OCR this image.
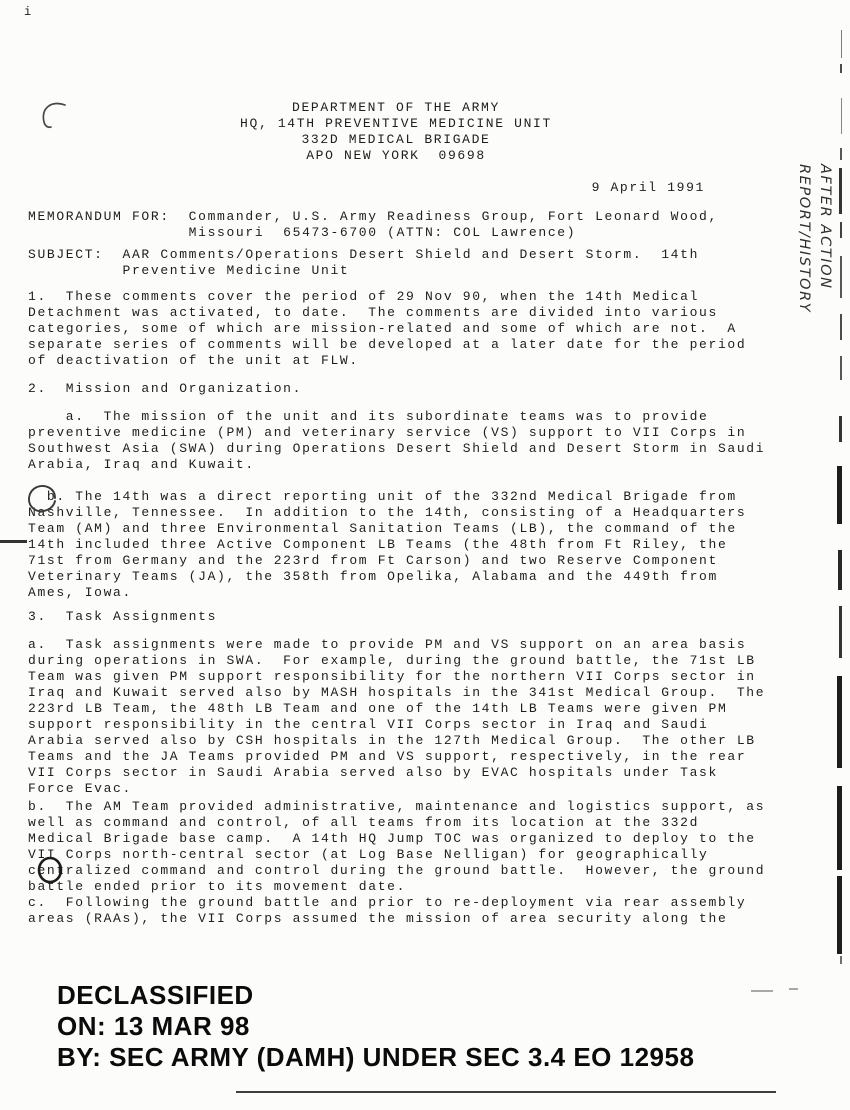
i
DEPARTMENT OF THE ARMY
HQ, 14TH PREVENTIVE MEDICINE UNIT
332D MEDICAL BRIGADE
APO NEW YORK  09698
9 April 1991
MEMORANDUM FOR:  Commander, U.S. Army Readiness Group, Fort Leonard Wood,
Missouri  65473-6700 (ATTN: COL Lawrence)
SUBJECT:  AAR Comments/Operations Desert Shield and Desert Storm.  14th
Preventive Medicine Unit
1.  These comments cover the period of 29 Nov 90, when the 14th Medical
Detachment was activated, to date.  The comments are divided into various
categories, some of which are mission-related and some of which are not.  A
separate series of comments will be developed at a later date for the period
of deactivation of the unit at FLW.
2.  Mission and Organization.
a.  The mission of the unit and its subordinate teams was to provide
preventive medicine (PM) and veterinary service (VS) support to VII Corps in
Southwest Asia (SWA) during Operations Desert Shield and Desert Storm in Saudi
Arabia, Iraq and Kuwait.
b. The 14th was a direct reporting unit of the 332nd Medical Brigade from
Nashville, Tennessee.  In addition to the 14th, consisting of a Headquarters
Team (AM) and three Environmental Sanitation Teams (LB), the command of the
14th included three Active Component LB Teams (the 48th from Ft Riley, the
71st from Germany and the 223rd from Ft Carson) and two Reserve Component
Veterinary Teams (JA), the 358th from Opelika, Alabama and the 449th from
Ames, Iowa.
3.  Task Assignments
a.  Task assignments were made to provide PM and VS support on an area basis
during operations in SWA.  For example, during the ground battle, the 71st LB
Team was given PM support responsibility for the northern VII Corps sector in
Iraq and Kuwait served also by MASH hospitals in the 341st Medical Group.  The
223rd LB Team, the 48th LB Team and one of the 14th LB Teams were given PM
support responsibility in the central VII Corps sector in Iraq and Saudi
Arabia served also by CSH hospitals in the 127th Medical Group.  The other LB
Teams and the JA Teams provided PM and VS support, respectively, in the rear
VII Corps sector in Saudi Arabia served also by EVAC hospitals under Task
Force Evac.
b.  The AM Team provided administrative, maintenance and logistics support, as
well as command and control, of all teams from its location at the 332d
Medical Brigade base camp.  A 14th HQ Jump TOC was organized to deploy to the
VII Corps north-central sector (at Log Base Nelligan) for geographically
centralized command and control during the ground battle.  However, the ground
battle ended prior to its movement date.
c.  Following the ground battle and prior to re-deployment via rear assembly
areas (RAAs), the VII Corps assumed the mission of area security along the
AFTER ACTION
REPORT/HISTORY
DECLASSIFIED
ON: 13 MAR 98
BY: SEC ARMY (DAMH) UNDER SEC 3.4 EO 12958
